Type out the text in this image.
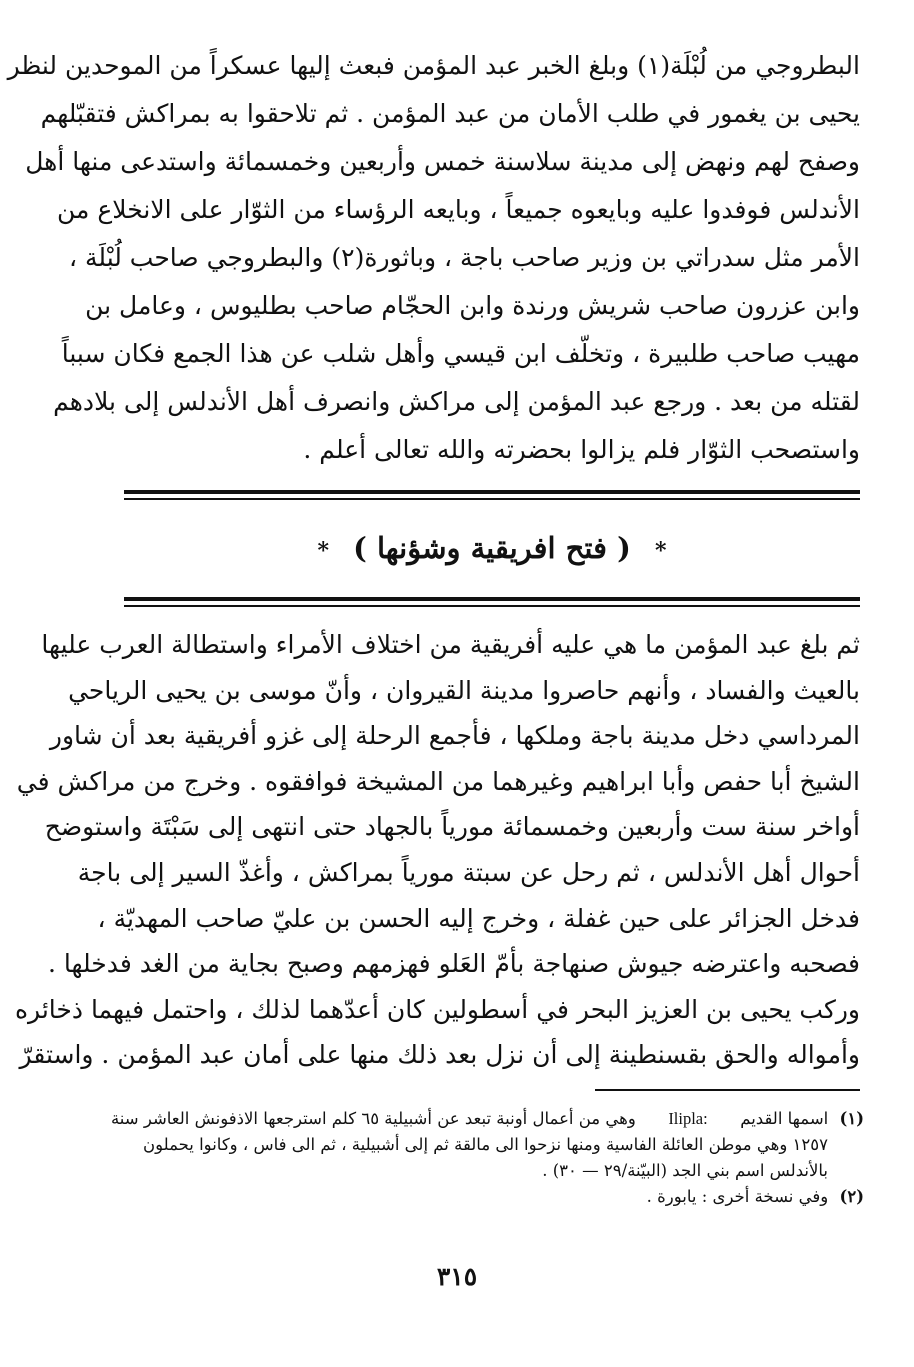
البطروجي من لُبْلَة(١) وبلغ الخبر عبد المؤمن فبعث إليها عسكراً من الموحدين لنظر
يحيى بن يغمور في طلب الأمان من عبد المؤمن . ثم تلاحقوا به بمراكش فتقبّلهم
وصفح لهم ونهض إلى مدينة سلاسنة خمس وأربعين وخمسمائة واستدعى منها أهل
الأندلس فوفدوا عليه وبايعوه جميعاً ، وبايعه الرؤساء من الثوّار على الانخلاع من
الأمر مثل سدراتي بن وزير صاحب باجة ، وباثورة(٢) والبطروجي صاحب لُبْلَة ،
وابن عزرون صاحب شريش ورندة وابن الحجّام صاحب بطليوس ، وعامل بن
مهيب صاحب طلبيرة ، وتخلّف ابن قيسي وأهل شلب عن هذا الجمع فكان سبباً
لقتله من بعد . ورجع عبد المؤمن إلى مراكش وانصرف أهل الأندلس إلى بلادهم
واستصحب الثوّار فلم يزالوا بحضرته والله تعالى أعلم .
* ( فتح افريقية وشؤنها ) *
ثم بلغ عبد المؤمن ما هي عليه أفريقية من اختلاف الأمراء واستطالة العرب عليها
بالعيث والفساد ، وأنهم حاصروا مدينة القيروان ، وأنّ موسى بن يحيى الرياحي
المرداسي دخل مدينة باجة وملكها ، فأجمع الرحلة إلى غزو أفريقية بعد أن شاور
الشيخ أبا حفص وأبا ابراهيم وغيرهما من المشيخة فوافقوه . وخرج من مراكش في
أواخر سنة ست وأربعين وخمسمائة مورياً بالجهاد حتى انتهى إلى سَبْتَة واستوضح
أحوال أهل الأندلس ، ثم رحل عن سبتة مورياً بمراكش ، وأغذّ السير إلى باجة
فدخل الجزائر على حين غفلة ، وخرج إليه الحسن بن عليّ صاحب المهديّة ،
فصحبه واعترضه جيوش صنهاجة بأمّ العَلو فهزمهم وصبح بجاية من الغد فدخلها .
وركب يحيى بن العزيز البحر في أسطولين كان أعدّهما لذلك ، واحتمل فيهما ذخائره
وأمواله والحق بقسنطينة إلى أن نزل بعد ذلك منها على أمان عبد المؤمن . واستقرّ
(١) اسمها القديم  Ilipla:  وهي من أعمال أونبة تبعد عن أشبيلية ٦٥ كلم استرجعها الاذفونش العاشر سنة
١٢٥٧ وهي موطن العائلة الفاسية ومنها نزحوا الى مالقة ثم إلى أشبيلية ، ثم الى فاس ، وكانوا يحملون
بالأندلس اسم بني الجد (البيّنة/٢٩ — ٣٠) .
(٢) وفي نسخة أخرى : يابورة .
٣١٥
